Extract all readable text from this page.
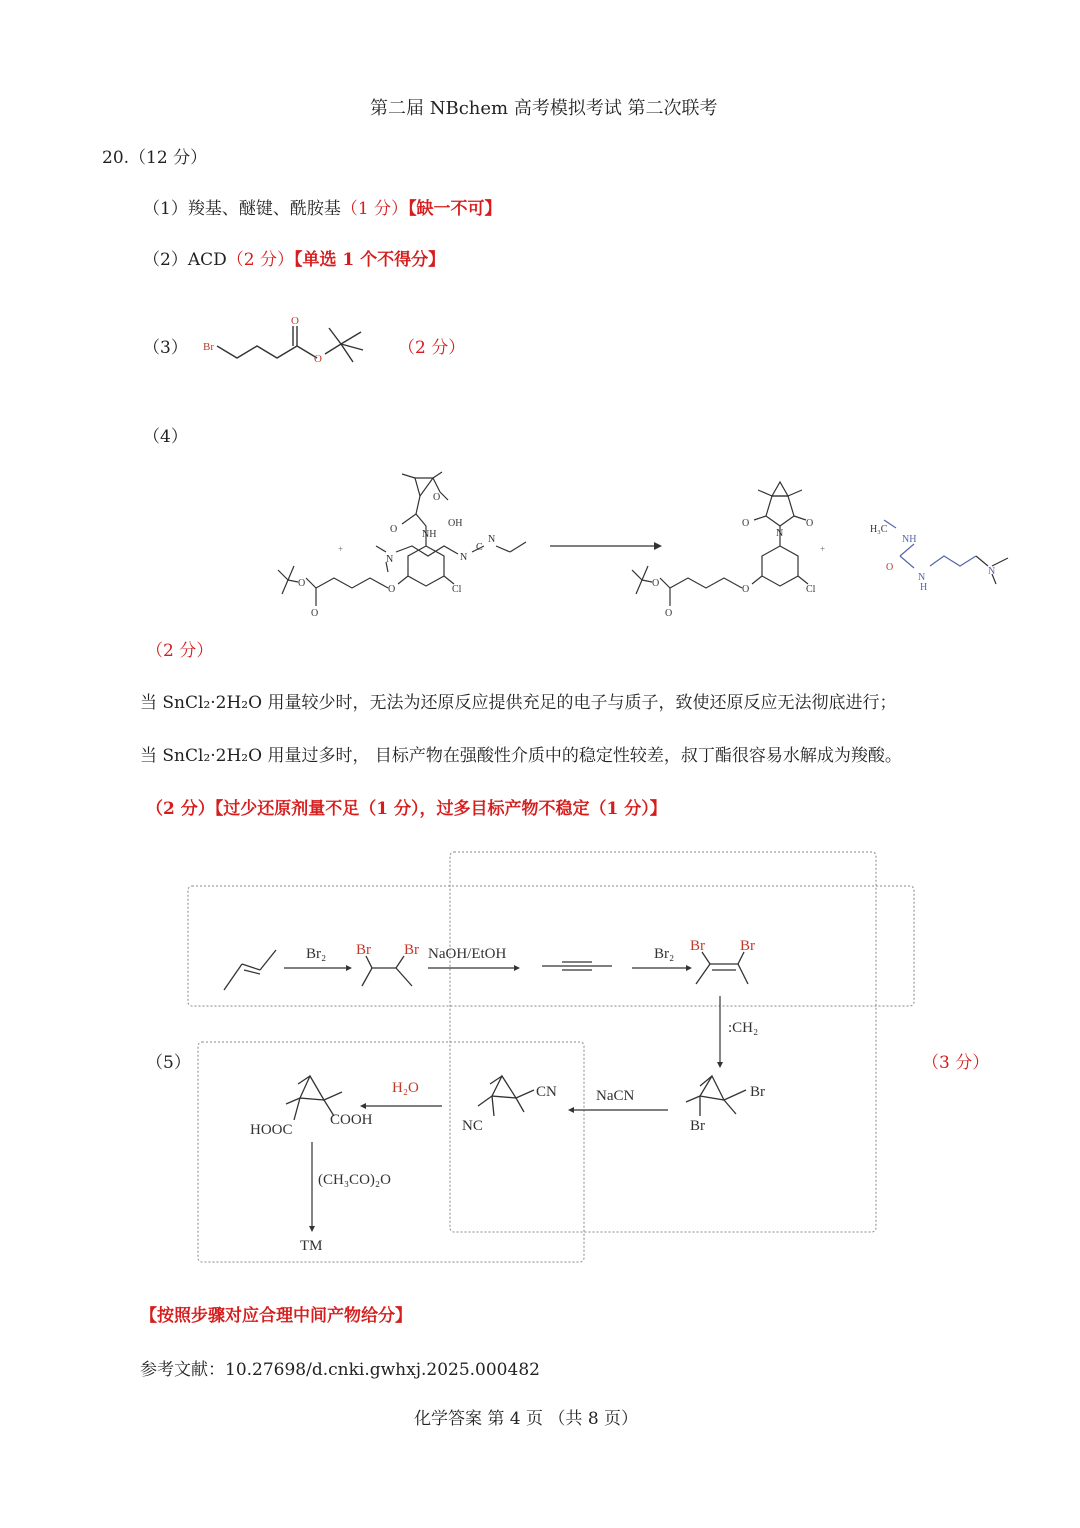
第二届 NBchem 高考模拟考试 第二次联考
20.（12 分）
（1）羧基、醚键、酰胺基（1 分）【缺一不可】
（2）ACD（2 分）【单选 1 个不得分】
（3） Br
O
O
（2 分）
（4）
O
OH
O NH
Cl
O
O
O
+
N	N
C
N
O	O
N
Cl
O
O
O
+
H₃C
NH
O
N
H
N
（2 分）
当 SnCl₂·2H₂O 用量较少时，无法为还原反应提供充足的电子与质子，致使还原反应无法彻底进行；
当 SnCl₂·2H₂O 用量过多时， 目标产物在强酸性介质中的稳定性较差，叔丁酯很容易水解成为羧酸。
（2 分）【过少还原剂量不足（1 分），过多目标产物不稳定（1 分）】
Br₂ Br Br NaOH/EtOH	Br₂ Br Br
:CH₂
Br
Br
NaCN
CN
NC
H₂O
HOOC
COOH
(CH₃CO)₂O
TM
（5）	（3 分）
【按照步骤对应合理中间产物给分】
参考文献：10.27698/d.cnki.gwhxj.2025.000482
化学答案 第 4 页 （共 8 页）
